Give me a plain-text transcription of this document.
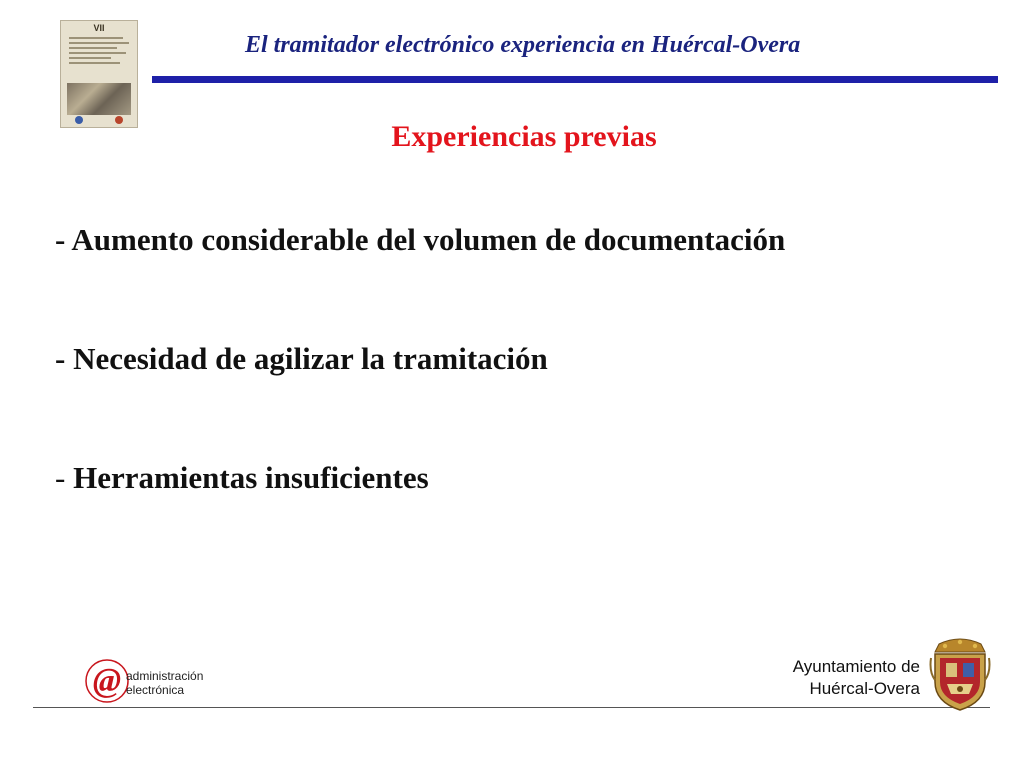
VII
El tramitador electrónico experiencia en Huércal-Overa
Experiencias previas
- Aumento considerable del volumen de documentación
- Necesidad de agilizar la tramitación
- Herramientas insuficientes
@ administración
electrónica
Ayuntamiento de
Huércal-Overa
